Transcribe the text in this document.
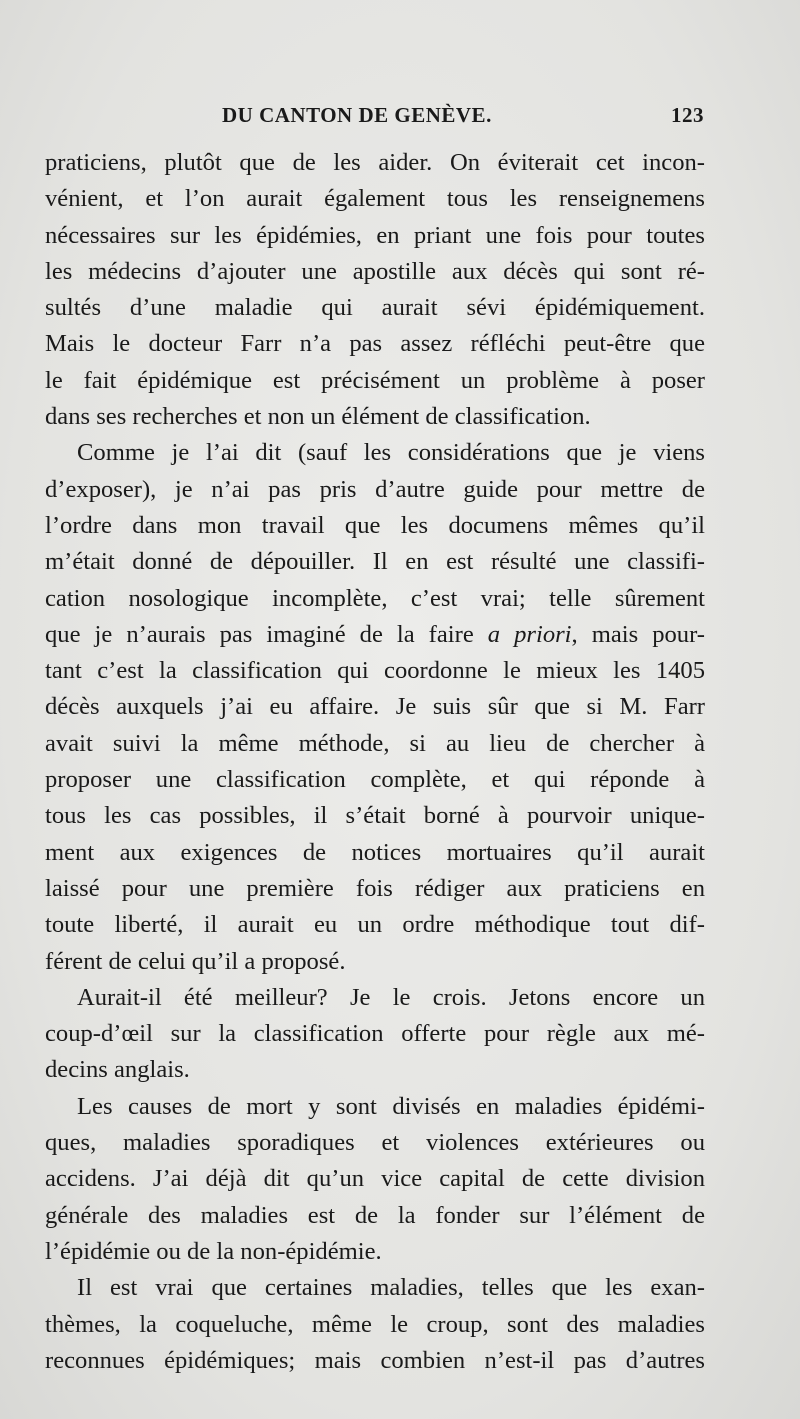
DU CANTON DE GENÈVE.	123
praticiens, plutôt que de les aider. On éviterait cet incon-
vénient, et l’on aurait également tous les renseignemens
nécessaires sur les épidémies, en priant une fois pour toutes
les médecins d’ajouter une apostille aux décès qui sont ré-
sultés d’une maladie qui aurait sévi épidémiquement.
Mais le docteur Farr n’a pas assez réfléchi peut-être que
le fait épidémique est précisément un problème à poser
dans ses recherches et non un élément de classification.
Comme je l’ai dit (sauf les considérations que je viens
d’exposer), je n’ai pas pris d’autre guide pour mettre de
l’ordre dans mon travail que les documens mêmes qu’il
m’était donné de dépouiller. Il en est résulté une classifi-
cation nosologique incomplète, c’est vrai; telle sûrement
que je n’aurais pas imaginé de la faire a priori, mais pour-
tant c’est la classification qui coordonne le mieux les 1405
décès auxquels j’ai eu affaire. Je suis sûr que si M. Farr
avait suivi la même méthode, si au lieu de chercher à
proposer une classification complète, et qui réponde à
tous les cas possibles, il s’était borné à pourvoir unique-
ment aux exigences de notices mortuaires qu’il aurait
laissé pour une première fois rédiger aux praticiens en
toute liberté, il aurait eu un ordre méthodique tout dif-
férent de celui qu’il a proposé.
Aurait-il été meilleur? Je le crois. Jetons encore un
coup-d’œil sur la classification offerte pour règle aux mé-
decins anglais.
Les causes de mort y sont divisés en maladies épidémi-
ques, maladies sporadiques et violences extérieures ou
accidens. J’ai déjà dit qu’un vice capital de cette division
générale des maladies est de la fonder sur l’élément de
l’épidémie ou de la non-épidémie.
Il est vrai que certaines maladies, telles que les exan-
thèmes, la coqueluche, même le croup, sont des maladies
reconnues épidémiques; mais combien n’est-il pas d’autres
